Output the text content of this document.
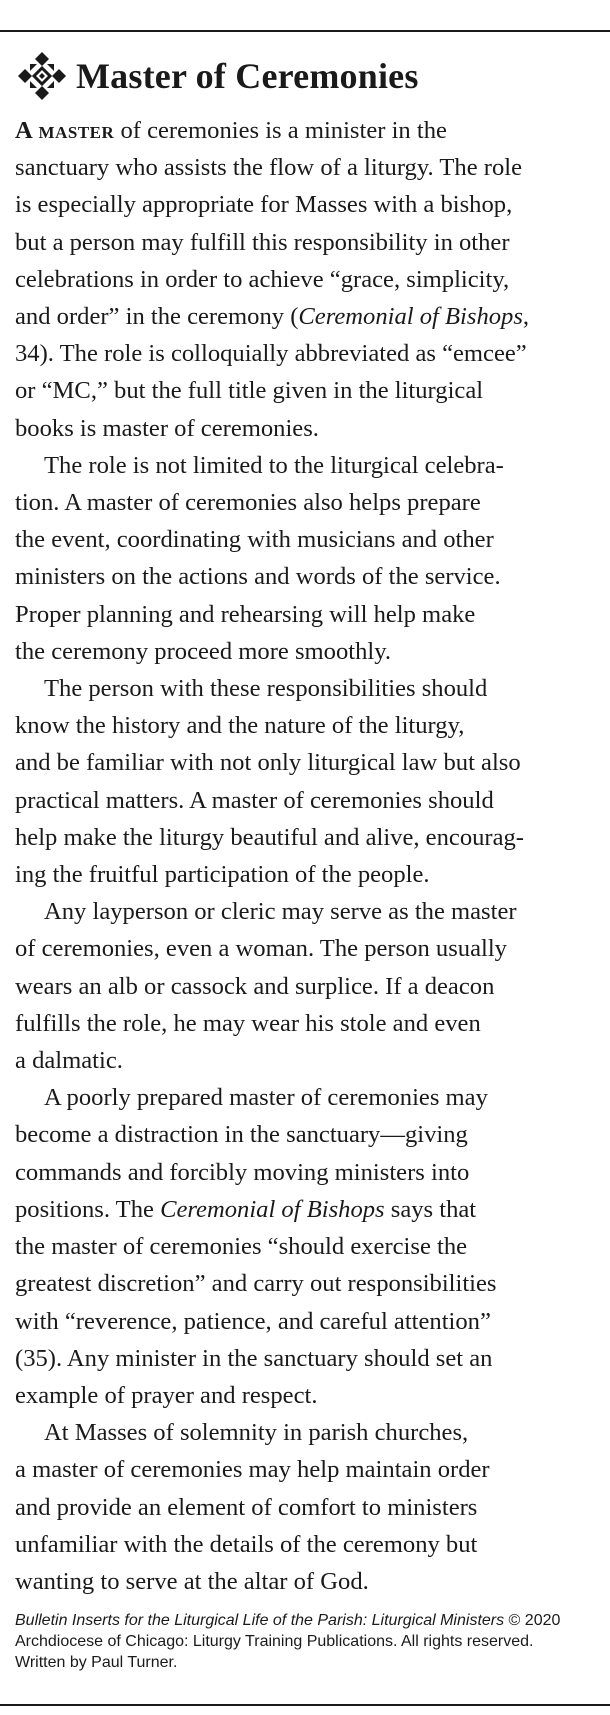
Master of Ceremonies

A master of ceremonies is a minister in the
sanctuary who assists the flow of a liturgy. The role
is especially appropriate for Masses with a bishop,
but a person may fulfill this responsibility in other
celebrations in order to achieve “grace, simplicity,
and order” in the ceremony (Ceremonial of Bishops,
34). The role is colloquially abbreviated as “emcee”
or “MC,” but the full title given in the liturgical
books is master of ceremonies.

The role is not limited to the liturgical celebra-
tion. A master of ceremonies also helps prepare
the event, coordinating with musicians and other
ministers on the actions and words of the service.
Proper planning and rehearsing will help make
the ceremony proceed more smoothly.

The person with these responsibilities should
know the history and the nature of the liturgy,
and be familiar with not only liturgical law but also
practical matters. A master of ceremonies should
help make the liturgy beautiful and alive, encourag-
ing the fruitful participation of the people.

Any layperson or cleric may serve as the master
of ceremonies, even a woman. The person usually
wears an alb or cassock and surplice. If a deacon
fulfills the role, he may wear his stole and even
a dalmatic.

A poorly prepared master of ceremonies may
become a distraction in the sanctuary—giving
commands and forcibly moving ministers into
positions. The Ceremonial of Bishops says that
the master of ceremonies “should exercise the
greatest discretion” and carry out responsibilities
with “reverence, patience, and careful attention”
(35). Any minister in the sanctuary should set an
example of prayer and respect.

At Masses of solemnity in parish churches,
a master of ceremonies may help maintain order
and provide an element of comfort to ministers
unfamiliar with the details of the ceremony but
wanting to serve at the altar of God.

Bulletin Inserts for the Liturgical Life of the Parish: Liturgical Ministers © 2020
Archdiocese of Chicago: Liturgy Training Publications. All rights reserved.
Written by Paul Turner.
